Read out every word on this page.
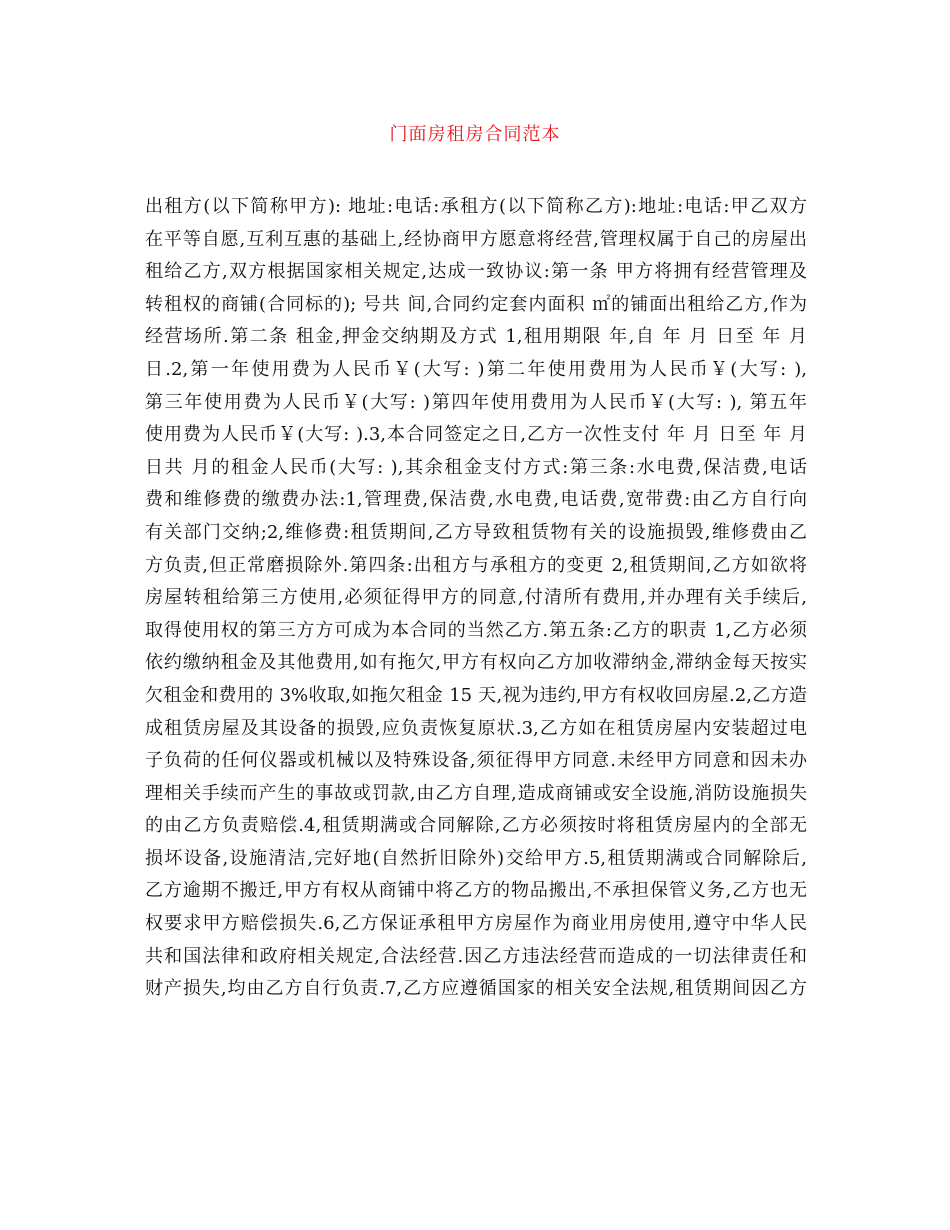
门面房租房合同范本
出租方(以下简称甲方): 地址:电话:承租方(以下简称乙方):地址:电话:甲乙双方
在平等自愿,互利互惠的基础上,经协商甲方愿意将经营,管理权属于自己的房屋出
租给乙方,双方根据国家相关规定,达成一致协议:第一条 甲方将拥有经营管理及
转租权的商铺(合同标的); 号共 间,合同约定套内面积 ㎡的铺面出租给乙方,作为
经营场所.第二条 租金,押金交纳期及方式 1,租用期限 年,自 年 月 日至 年 月
日.2,第一年使用费为人民币￥(大写: )第二年使用费用为人民币￥(大写: ),
第三年使用费为人民币￥(大写: )第四年使用费用为人民币￥(大写: ), 第五年
使用费为人民币￥(大写: ).3,本合同签定之日,乙方一次性支付 年 月 日至 年 月
日共 月的租金人民币(大写: ),其余租金支付方式:第三条:水电费,保洁费,电话
费和维修费的缴费办法:1,管理费,保洁费,水电费,电话费,宽带费:由乙方自行向
有关部门交纳;2,维修费:租赁期间,乙方导致租赁物有关的设施损毁,维修费由乙
方负责,但正常磨损除外.第四条:出租方与承租方的变更 2,租赁期间,乙方如欲将
房屋转租给第三方使用,必须征得甲方的同意,付清所有费用,并办理有关手续后,
取得使用权的第三方方可成为本合同的当然乙方.第五条:乙方的职责 1,乙方必须
依约缴纳租金及其他费用,如有拖欠,甲方有权向乙方加收滞纳金,滞纳金每天按实
欠租金和费用的 3%收取,如拖欠租金 15 天,视为违约,甲方有权收回房屋.2,乙方造
成租赁房屋及其设备的损毁,应负责恢复原状.3,乙方如在租赁房屋内安装超过电
子负荷的任何仪器或机械以及特殊设备,须征得甲方同意.未经甲方同意和因未办
理相关手续而产生的事故或罚款,由乙方自理,造成商铺或安全设施,消防设施损失
的由乙方负责赔偿.4,租赁期满或合同解除,乙方必须按时将租赁房屋内的全部无
损坏设备,设施清洁,完好地(自然折旧除外)交给甲方.5,租赁期满或合同解除后,
乙方逾期不搬迁,甲方有权从商铺中将乙方的物品搬出,不承担保管义务,乙方也无
权要求甲方赔偿损失.6,乙方保证承租甲方房屋作为商业用房使用,遵守中华人民
共和国法律和政府相关规定,合法经营.因乙方违法经营而造成的一切法律责任和
财产损失,均由乙方自行负责.7,乙方应遵循国家的相关安全法规,租赁期间因乙方
